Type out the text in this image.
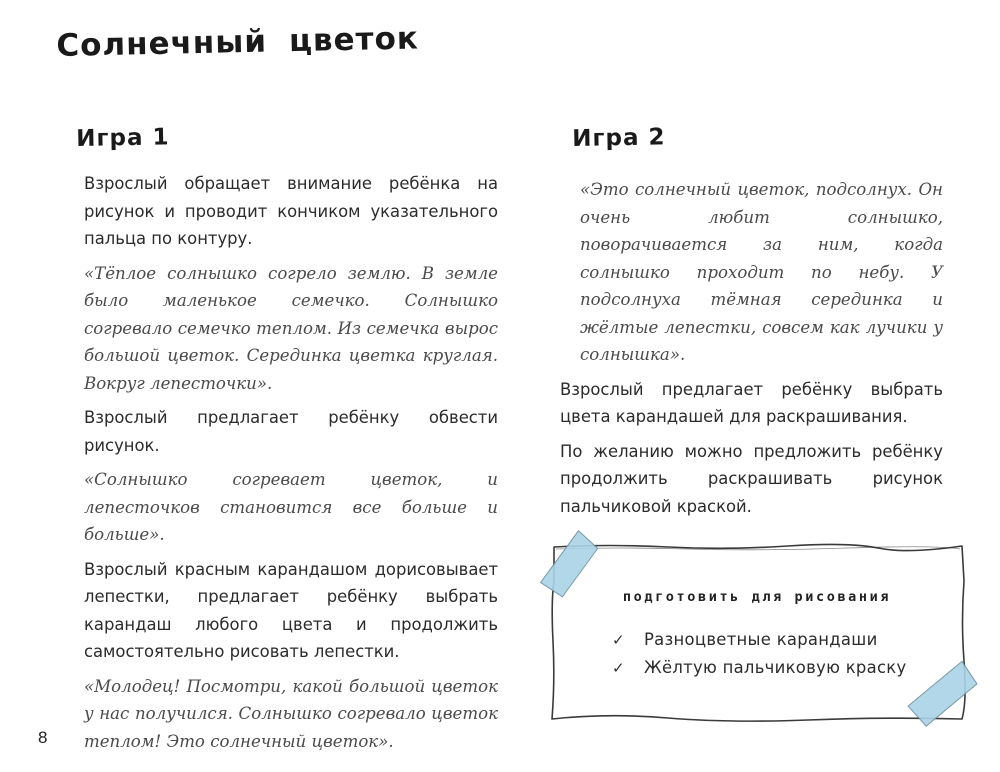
Солнечный цветок
Игра 1

Взрослый обращает внимание ребёнка на рисунок и проводит кончиком указательного пальца по контуру.

«Тёплое солнышко согрело землю. В земле было маленькое семечко. Солнышко согревало семечко теплом. Из семечка вырос большой цветок. Серединка цветка круглая. Вокруг лепесточки».

Взрослый предлагает ребёнку обвести рисунок.

«Солнышко согревает цветок, и лепесточков становится все больше и больше».

Взрослый красным карандашом дорисовывает лепестки, предлагает ребёнку выбрать карандаш любого цвета и продолжить самостоятельно рисовать лепестки.

«Молодец! Посмотри, какой большой цветок у нас получился. Солнышко согревало цветок теплом! Это солнечный цветок».

Игра 2

«Это солнечный цветок, подсолнух. Он очень любит солнышко, поворачивается за ним, когда солнышко проходит по небу. У подсолнуха тёмная серединка и жёлтые лепестки, совсем как лучики у солнышка».

Взрослый предлагает ребёнку выбрать цвета карандашей для раскрашивания.

По желанию можно предложить ребёнку продолжить раскрашивать рисунок пальчиковой краской.

подготовить для рисования
✓ Разноцветные карандаши
✓ Жёлтую пальчиковую краску
8
